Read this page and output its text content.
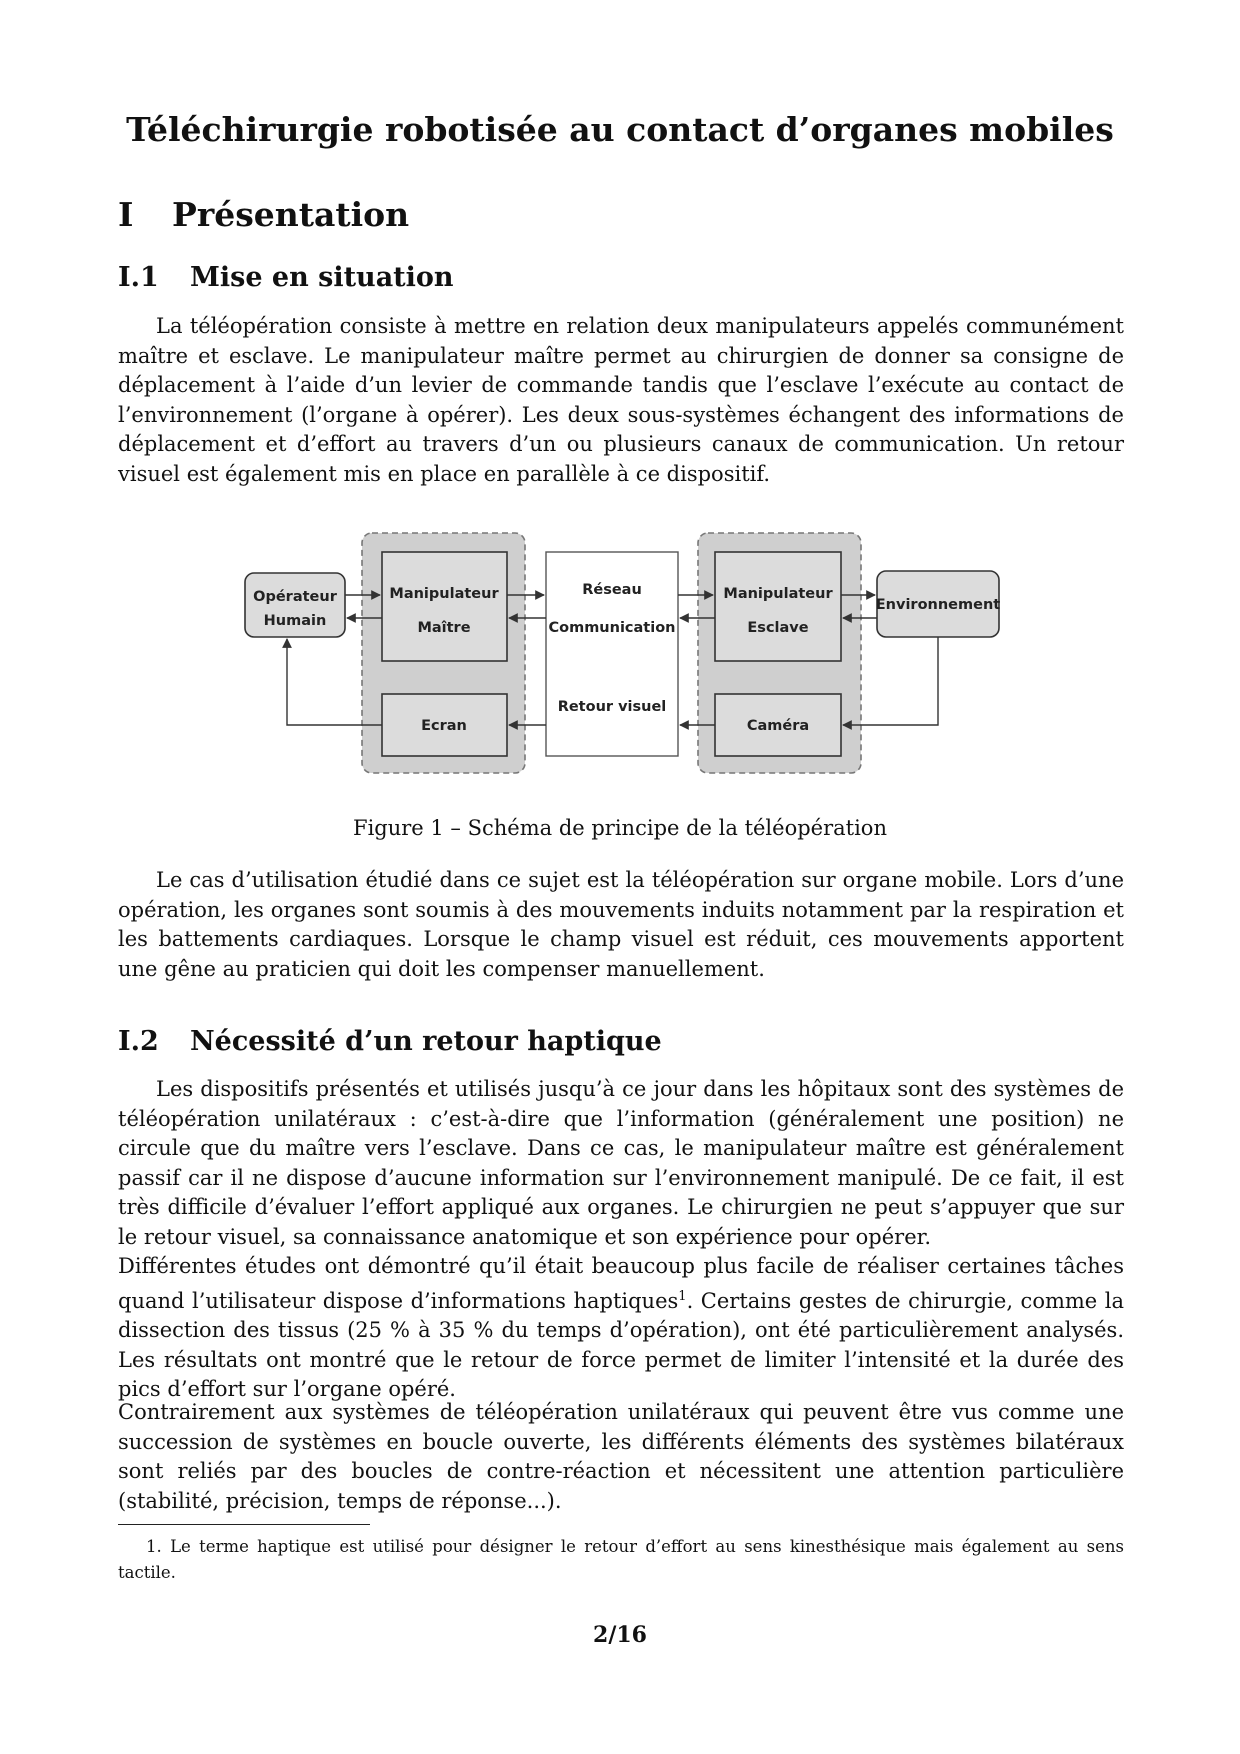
Téléchirurgie robotisée au contact d’organes mobiles
I Présentation
I.1 Mise en situation

La téléopération consiste à mettre en relation deux manipulateurs appelés communément maître et esclave. Le manipulateur maître permet au chirurgien de donner sa consigne de déplacement à l’aide d’un levier de commande tandis que l’esclave l’exécute au contact de l’environnement (l’organe à opérer). Les deux sous-systèmes échangent des informations de déplacement et d’effort au travers d’un ou plusieurs canaux de communication. Un retour visuel est également mis en place en parallèle à ce dispositif.

Opérateur
Humain
Manipulateur
Maître
Réseau
Communication
Retour visuel
Manipulateur
Esclave
Environnement
Ecran	Caméra

Figure 1 – Schéma de principe de la téléopération

Le cas d’utilisation étudié dans ce sujet est la téléopération sur organe mobile. Lors d’une opération, les organes sont soumis à des mouvements induits notamment par la respiration et les battements cardiaques. Lorsque le champ visuel est réduit, ces mouvements apportent une gêne au praticien qui doit les compenser manuellement.

I.2 Nécessité d’un retour haptique

Les dispositifs présentés et utilisés jusqu’à ce jour dans les hôpitaux sont des systèmes de téléopération unilatéraux : c’est-à-dire que l’information (généralement une position) ne circule que du maître vers l’esclave. Dans ce cas, le manipulateur maître est généralement passif car il ne dispose d’aucune information sur l’environnement manipulé. De ce fait, il est très difficile d’évaluer l’effort appliqué aux organes. Le chirurgien ne peut s’appuyer que sur le retour visuel, sa connaissance anatomique et son expérience pour opérer.

Différentes études ont démontré qu’il était beaucoup plus facile de réaliser certaines tâches quand l’utilisateur dispose d’informations haptiques$^1$. Certains gestes de chirurgie, comme la dissection des tissus (25 % à 35 % du temps d’opération), ont été particulièrement analysés. Les résultats ont montré que le retour de force permet de limiter l’intensité et la durée des pics d’effort sur l’organe opéré.

Contrairement aux systèmes de téléopération unilatéraux qui peuvent être vus comme une succession de systèmes en boucle ouverte, les différents éléments des systèmes bilatéraux sont reliés par des boucles de contre-réaction et nécessitent une attention particulière (stabilité, précision, temps de réponse...).

1. Le terme haptique est utilisé pour désigner le retour d’effort au sens kinesthésique mais également au sens tactile.

2/16
